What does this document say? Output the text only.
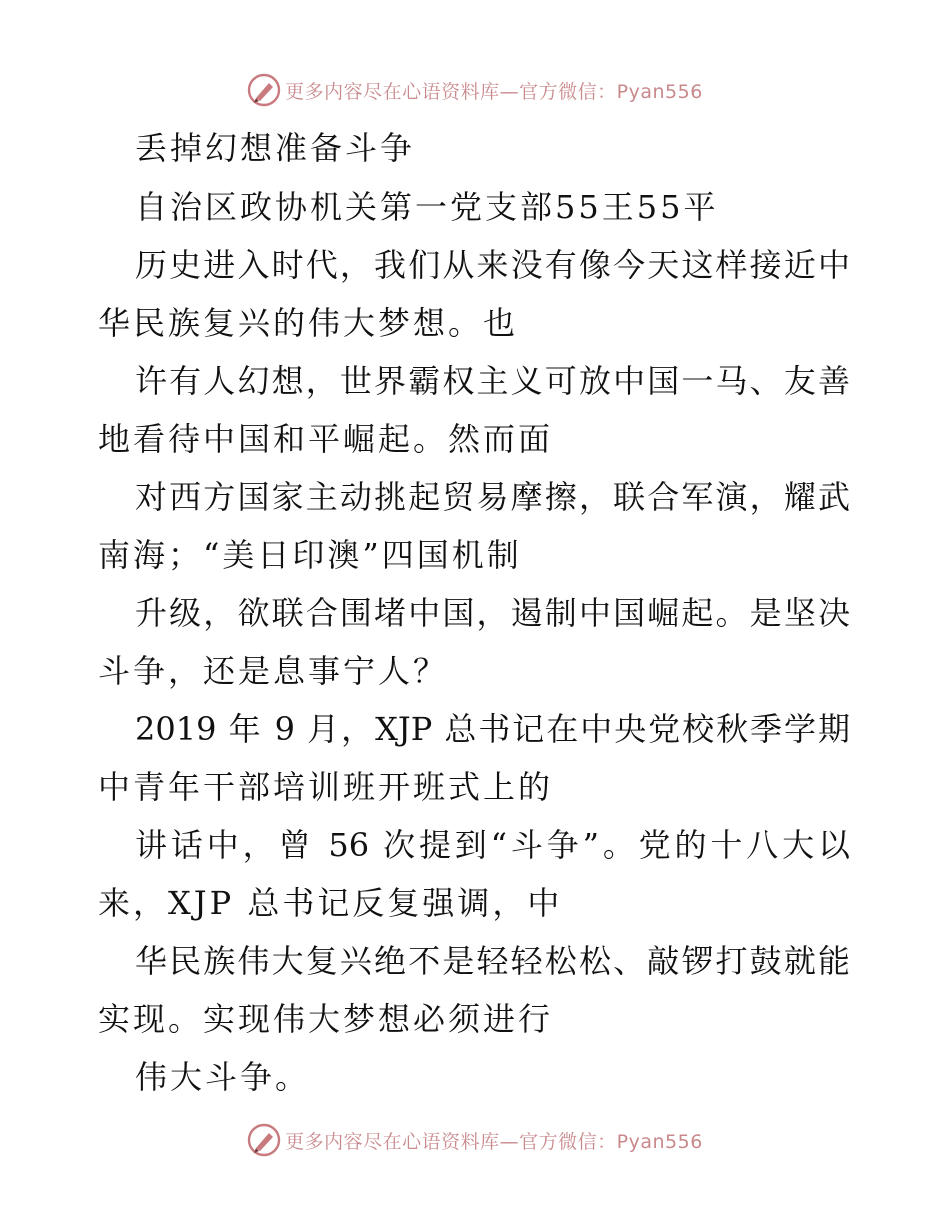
更多内容尽在心语资料库—官方微信：Pyan556
丢掉幻想准备斗争
自治区政协机关第一党支部55王55平
历史进入时代，我们从来没有像今天这样接近中
华民族复兴的伟大梦想。也
许有人幻想，世界霸权主义可放中国一马、友善
地看待中国和平崛起。然而面
对西方国家主动挑起贸易摩擦，联合军演，耀武
南海；“美日印澳”四国机制
升级，欲联合围堵中国，遏制中国崛起。是坚决
斗争，还是息事宁人？
2019 年 9 月，XJP 总书记在中央党校秋季学期
中青年干部培训班开班式上的
讲话中，曾 56 次提到“斗争”。党的十八大以
来，XJP 总书记反复强调，中
华民族伟大复兴绝不是轻轻松松、敲锣打鼓就能
实现。实现伟大梦想必须进行
伟大斗争。
更多内容尽在心语资料库—官方微信：Pyan556
